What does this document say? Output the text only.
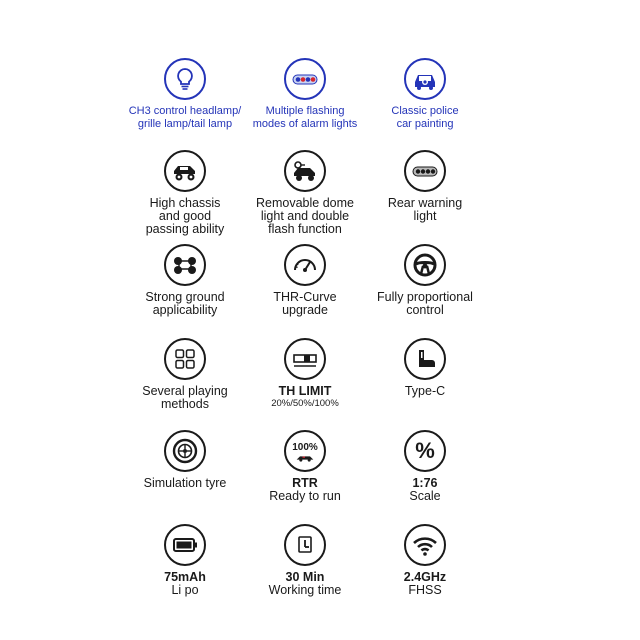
CH3 control headlamp/
grille lamp/tail lamp
Multiple flashing
modes of alarm lights
Classic police
car painting
High chassis
and good
passing ability
Removable dome
light and double
flash function
Rear warning
light
Strong ground
applicability
THR-Curve
upgrade
Fully proportional
control
Several playing
methods
TH LIMIT
20%/50%/100%
Type-C
Simulation tyre
100%
RTR
Ready to run
%
1:76
Scale
75mAh
Li po
30 Min
Working time
2.4GHz
FHSS
